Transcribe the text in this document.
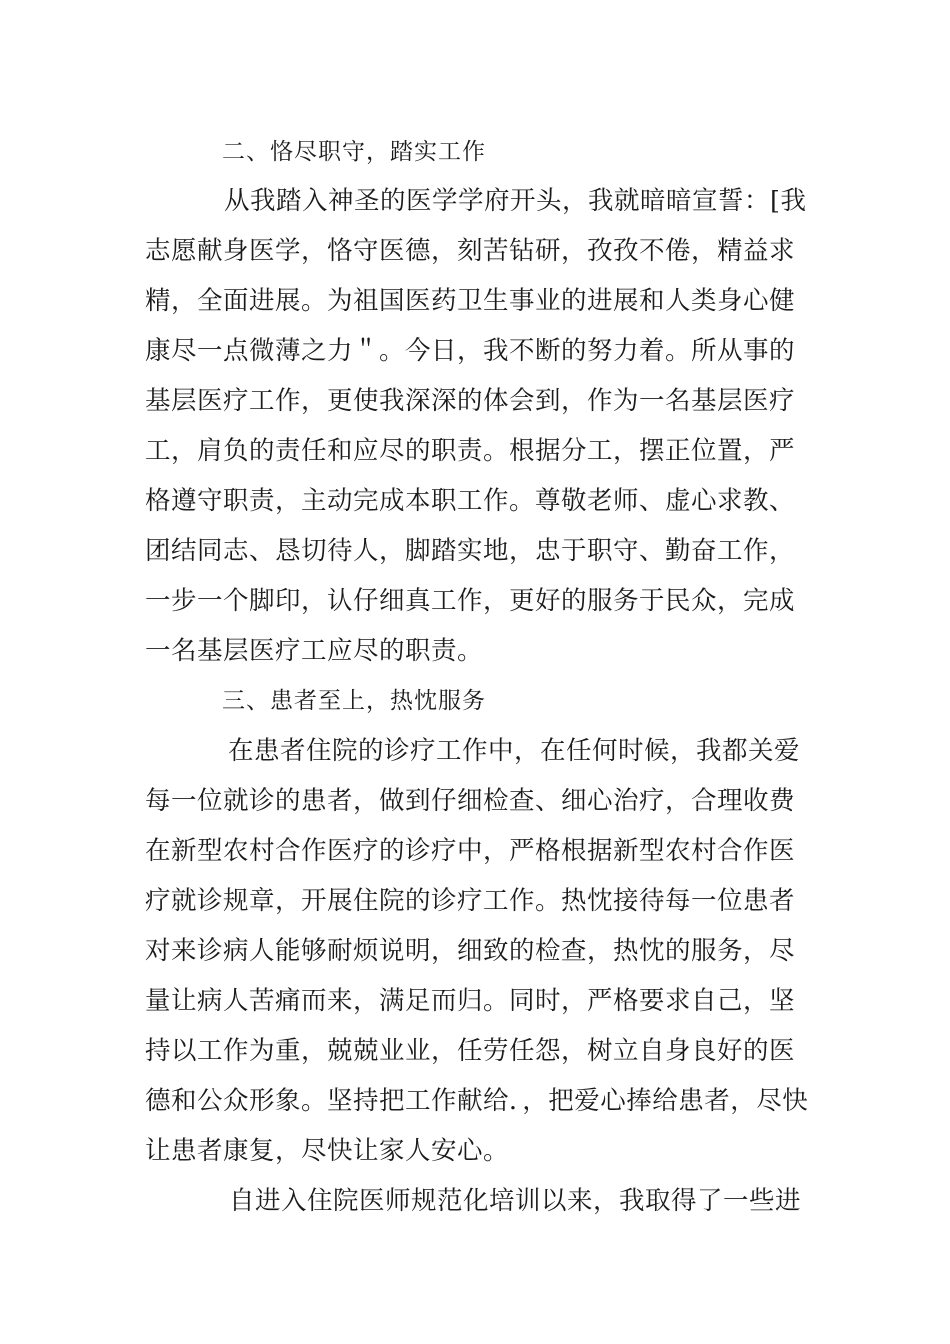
二、恪尽职守，踏实工作
从我踏入神圣的医学学府开头，我就暗暗宣誓：[我
志愿献身医学，恪守医德，刻苦钻研，孜孜不倦，精益求
精，全面进展。为祖国医药卫生事业的进展和人类身心健
康尽一点微薄之力＂。今日，我不断的努力着。所从事的
基层医疗工作，更使我深深的体会到，作为一名基层医疗
工，肩负的责任和应尽的职责。根据分工，摆正位置，严
格遵守职责，主动完成本职工作。尊敬老师、虚心求教、
团结同志、恳切待人，脚踏实地，忠于职守、勤奋工作，
一步一个脚印，认仔细真工作，更好的服务于民众，完成
一名基层医疗工应尽的职责。
三、患者至上，热忱服务
在患者住院的诊疗工作中，在任何时候，我都关爱
每一位就诊的患者，做到仔细检查、细心治疗，合理收费
在新型农村合作医疗的诊疗中，严格根据新型农村合作医
疗就诊规章，开展住院的诊疗工作。热忱接待每一位患者
对来诊病人能够耐烦说明，细致的检查，热忱的服务，尽
量让病人苦痛而来，满足而归。同时，严格要求自己，坚
持以工作为重，兢兢业业，任劳任怨，树立自身良好的医
德和公众形象。坚持把工作献给．，把爱心捧给患者，尽快
让患者康复，尽快让家人安心。
自进入住院医师规范化培训以来，我取得了一些进
